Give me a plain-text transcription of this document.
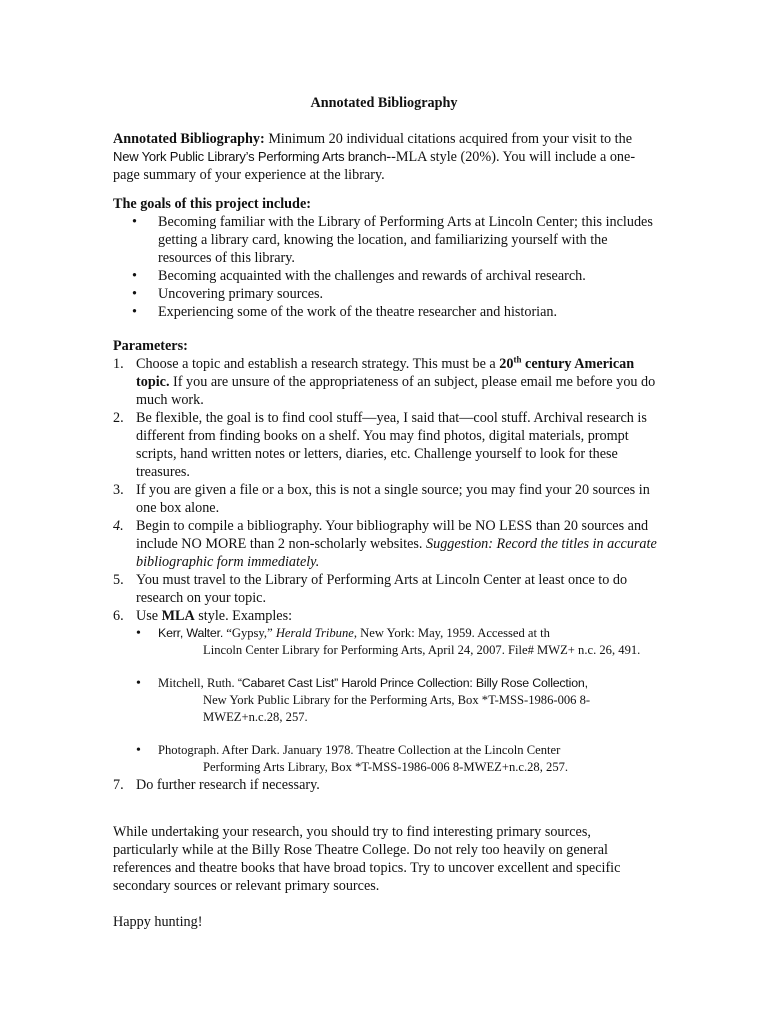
Annotated Bibliography

Annotated Bibliography: Minimum 20 individual citations acquired from your visit to the New York Public Library’s Performing Arts branch--MLA style (20%). You will include a one-page summary of your experience at the library.

The goals of this project include:

• Becoming familiar with the Library of Performing Arts at Lincoln Center; this includes getting a library card, knowing the location, and familiarizing yourself with the resources of this library.
• Becoming acquainted with the challenges and rewards of archival research.
• Uncovering primary sources.
• Experiencing some of the work of the theatre researcher and historian.

Parameters:

1. Choose a topic and establish a research strategy. This must be a 20th century American topic. If you are unsure of the appropriateness of an subject, please email me before you do much work.
2. Be flexible, the goal is to find cool stuff—yea, I said that—cool stuff. Archival research is different from finding books on a shelf. You may find photos, digital materials, prompt scripts, hand written notes or letters, diaries, etc. Challenge yourself to look for these treasures.
3. If you are given a file or a box, this is not a single source; you may find your 20 sources in one box alone.
4. Begin to compile a bibliography. Your bibliography will be NO LESS than 20 sources and include NO MORE than 2 non-scholarly websites. Suggestion: Record the titles in accurate bibliographic form immediately.
5. You must travel to the Library of Performing Arts at Lincoln Center at least once to do research on your topic.
6. Use MLA style. Examples:
• Kerr, Walter. “Gypsy,” Herald Tribune, New York: May, 1959. Accessed at th
Lincoln Center Library for Performing Arts, April 24, 2007. File# MWZ+ n.c. 26, 491.
• Mitchell, Ruth. “Cabaret Cast List” Harold Prince Collection: Billy Rose Collection,
New York Public Library for the Performing Arts, Box *T-MSS-1986-006 8-MWEZ+n.c.28, 257.
• Photograph. After Dark. January 1978. Theatre Collection at the Lincoln Center
Performing Arts Library, Box *T-MSS-1986-006 8-MWEZ+n.c.28, 257.
7. Do further research if necessary.

While undertaking your research, you should try to find interesting primary sources, particularly while at the Billy Rose Theatre College. Do not rely too heavily on general references and theatre books that have broad topics. Try to uncover excellent and specific secondary sources or relevant primary sources.

Happy hunting!
